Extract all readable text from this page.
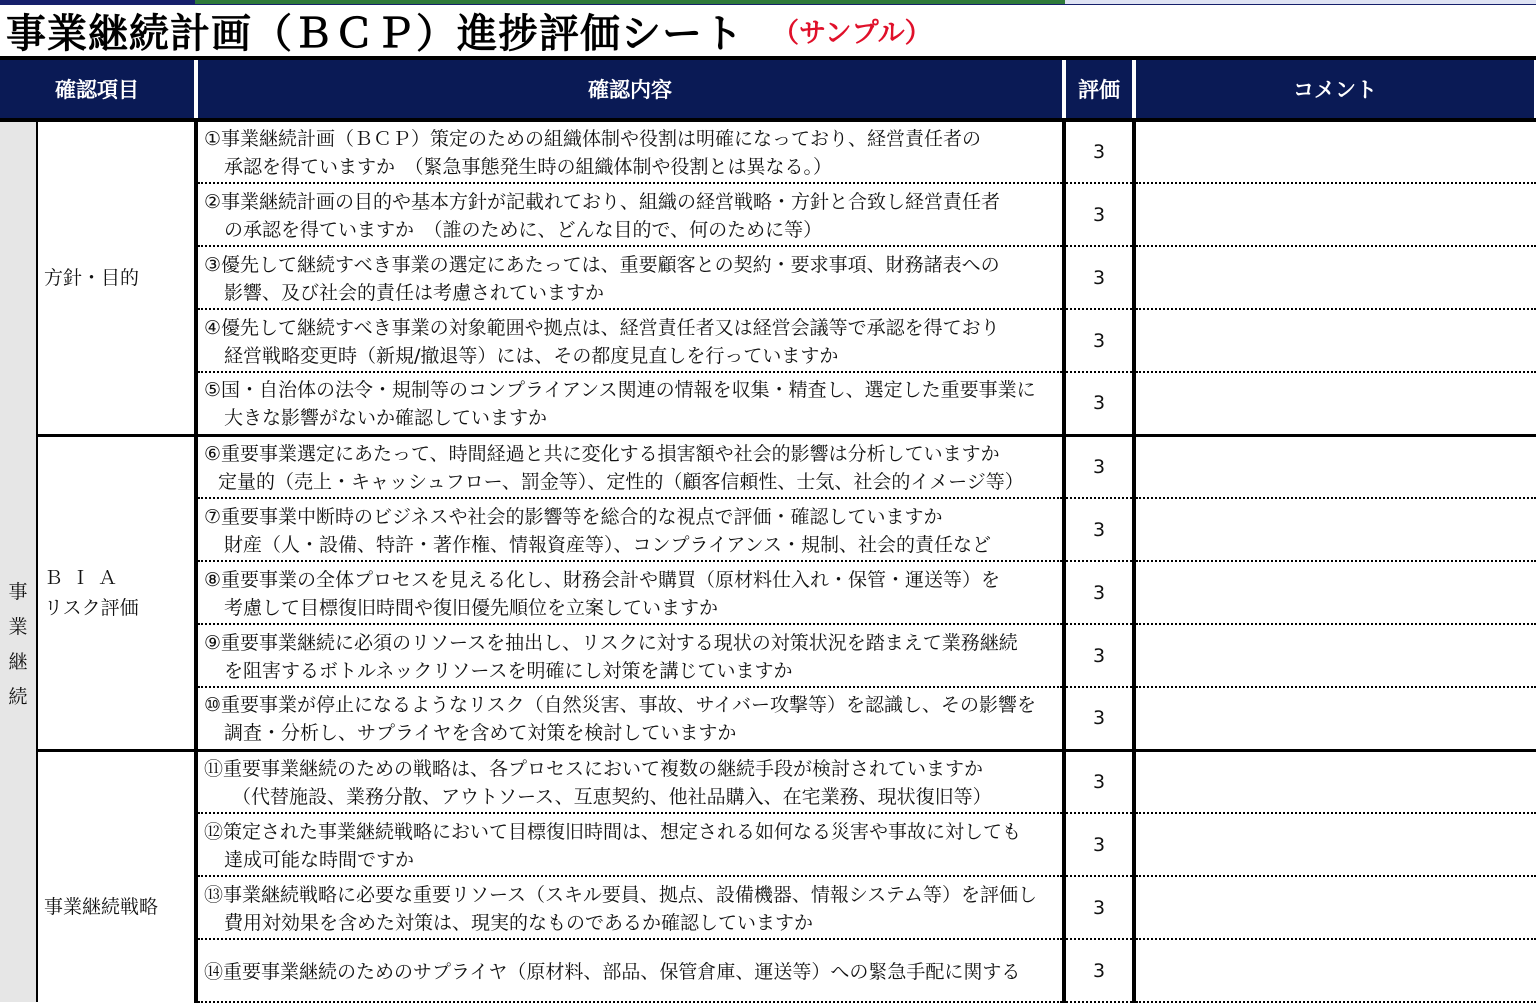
事業継続計画（ＢＣＰ）進捗評価シート （サンプル）
確認項目		確認内容	評価	コメント
事業継続	方針・目的	①事業継続計画（ＢＣＰ）策定のための組織体制や役割は明確になっており、経営責任者の
承認を得ていますか　（緊急事態発生時の組織体制や役割とは異なる。）	3	
		②事業継続計画の目的や基本方針が記載れており、組織の経営戦略・方針と合致し経営責任者
の承認を得ていますか　（誰のために、どんな目的で、何のために等）	3	
		③優先して継続すべき事業の選定にあたっては、重要顧客との契約・要求事項、財務諸表への
影響、及び社会的責任は考慮されていますか	3	
		④優先して継続すべき事業の対象範囲や拠点は、経営責任者又は経営会議等で承認を得ており
経営戦略変更時（新規/撤退等）には、その都度見直しを行っていますか	3	
		⑤国・自治体の法令・規制等のコンプライアンス関連の情報を収集・精査し、選定した重要事業に
大きな影響がないか確認していますか	3	

	ＢＩＡ
リスク評価	⑥重要事業選定にあたって、時間経過と共に変化する損害額や社会的影響は分析していますか
定量的（売上・キャッシュフロー、罰金等）、定性的（顧客信頼性、士気、社会的イメージ等）	3	
		⑦重要事業中断時のビジネスや社会的影響等を総合的な視点で評価・確認していますか
財産（人・設備、特許・著作権、情報資産等）、コンプライアンス・規制、社会的責任など	3	
		⑧重要事業の全体プロセスを見える化し、財務会計や購買（原材料仕入れ・保管・運送等）を
考慮して目標復旧時間や復旧優先順位を立案していますか	3	
		⑨重要事業継続に必須のリソースを抽出し、リスクに対する現状の対策状況を踏まえて業務継続
を阻害するボトルネックリソースを明確にし対策を講じていますか	3	
		⑩重要事業が停止になるようなリスク（自然災害、事故、サイバー攻撃等）を認識し、その影響を
調査・分析し、サプライヤを含めて対策を検討していますか	3	

	事業継続戦略	⑪重要事業継続のための戦略は、各プロセスにおいて複数の継続手段が検討されていますか
（代替施設、業務分散、アウトソース、互恵契約、他社品購入、在宅業務、現状復旧等）	3	
		⑫策定された事業継続戦略において目標復旧時間は、想定される如何なる災害や事故に対しても
達成可能な時間ですか	3	
		⑬事業継続戦略に必要な重要リソース（スキル要員、拠点、設備機器、情報システム等）を評価し
費用対効果を含めた対策は、現実的なものであるか確認していますか	3	
		⑭重要事業継続のためのサプライヤ（原材料、部品、保管倉庫、運送等）への緊急手配に関する	3	
